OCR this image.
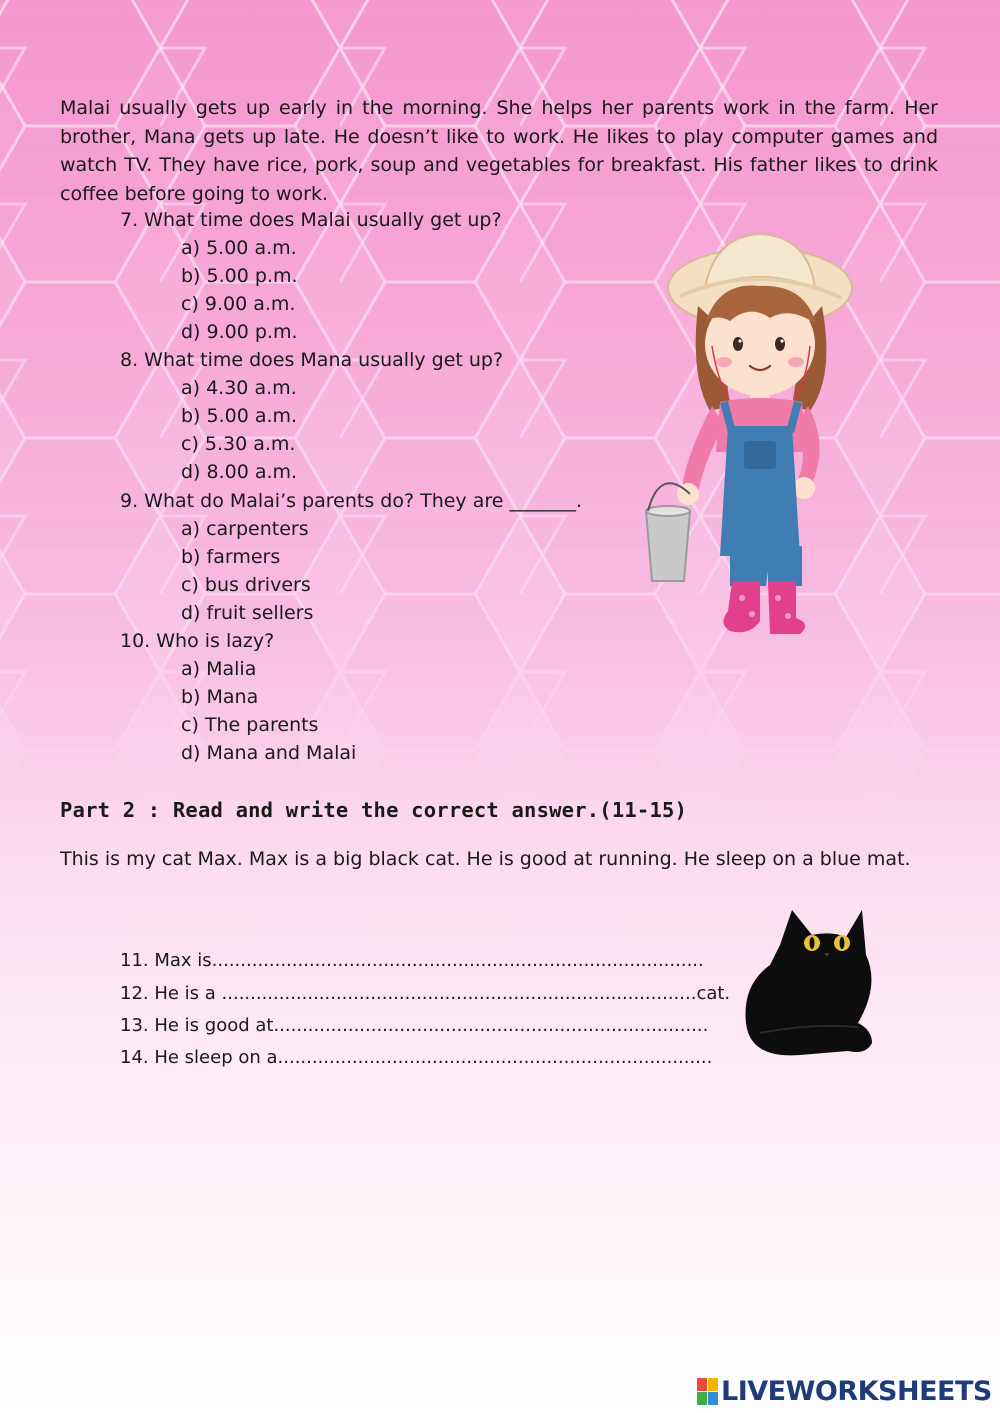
Malai usually gets up early in the morning. She helps her parents work in the farm. Her brother, Mana gets up late. He doesn’t like to work. He likes to play computer games and watch TV. They have rice, pork, soup and vegetables for breakfast. His father likes to drink coffee before going to work.

7. What time does Malai usually get up?
a) 5.00 a.m.
b) 5.00 p.m.
c) 9.00 a.m.
d) 9.00 p.m.
8. What time does Mana usually get up?
a) 4.30 a.m.
b) 5.00 a.m.
c) 5.30 a.m.
d) 8.00 a.m.
9. What do Malai’s parents do? They are _______.
a) carpenters
b) farmers
c) bus drivers
d) fruit sellers
10. Who is lazy?
a) Malia
b) Mana
c) The parents
d) Mana and Malai
Part 2 : Read and write the correct answer.(11-15)

This is my cat Max. Max is a big black cat. He is good at running. He sleep on a blue mat.

11. Max is......................................................................................
12. He is a ...................................................................................cat.
13. He is good at............................................................................
14. He sleep on a............................................................................
LIVEWORKSHEETS
